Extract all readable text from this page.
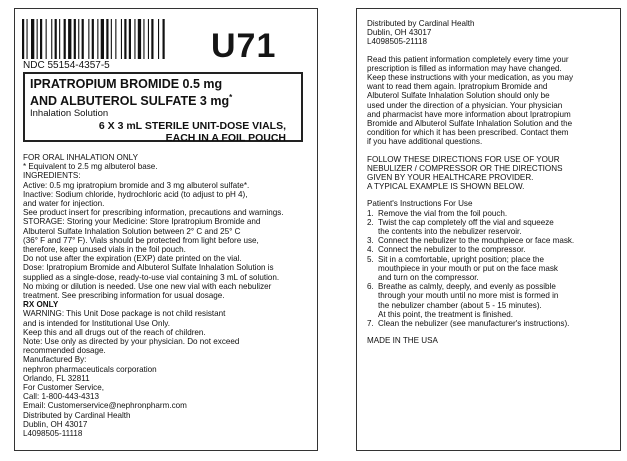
NDC 55154-4357-5
U71
IPRATROPIUM BROMIDE 0.5 mg
AND ALBUTEROL SULFATE 3 mg*
Inhalation Solution
6 X 3 mL STERILE UNIT-DOSE VIALS,
EACH IN A FOIL POUCH
FOR ORAL INHALATION ONLY
* Equivalent to 2.5 mg albuterol base.
INGREDIENTS:
Active: 0.5 mg ipratropium bromide and 3 mg albuterol sulfate*.
Inactive: Sodium chloride, hydrochloric acid (to adjust to pH 4),
and water for injection.
See product insert for prescribing information, precautions and warnings.
STORAGE: Storing your Medicine: Store Ipratropium Bromide and
Albuterol Sulfate Inhalation Solution between 2° C and 25° C
(36° F and 77° F). Vials should be protected from light before use,
therefore, keep unused vials in the foil pouch.
Do not use after the expiration (EXP) date printed on the vial.
Dose: Ipratropium Bromide and Albuterol Sulfate Inhalation Solution is
supplied as a single-dose, ready-to-use vial containing 3 mL of solution.
No mixing or dilution is needed. Use one new vial with each nebulizer
treatment. See prescribing information for usual dosage.
RX ONLY
WARNING: This Unit Dose package is not child resistant
and is intended for Institutional Use Only.
Keep this and all drugs out of the reach of children.
Note: Use only as directed by your physician. Do not exceed
recommended dosage.
Manufactured By:
nephron pharmaceuticals corporation
Orlando, FL 32811
For Customer Service,
Call: 1-800-443-4313
Email: Customerservice@nephronpharm.com
Distributed by Cardinal Health
Dublin, OH 43017
L4098505-11118
Distributed by Cardinal Health
Dublin, OH 43017
L4098505-21118
Read this patient information completely every time your
prescription is filled as information may have changed.
Keep these instructions with your medication, as you may
want to read them again. Ipratropium Bromide and
Albuterol Sulfate Inhalation Solution should only be
used under the direction of a physician. Your physician
and pharmacist have more information about Ipratropium
Bromide and Albuterol Sulfate Inhalation Solution and the
condition for which it has been prescribed. Contact them
if you have additional questions.
FOLLOW THESE DIRECTIONS FOR USE OF YOUR
NEBULIZER / COMPRESSOR OR THE DIRECTIONS
GIVEN BY YOUR HEALTHCARE PROVIDER.
A TYPICAL EXAMPLE IS SHOWN BELOW.
Patient's Instructions For Use
1. Remove the vial from the foil pouch.
2. Twist the cap completely off the vial and squeeze
the contents into the nebulizer reservoir.
3. Connect the nebulizer to the mouthpiece or face mask.
4. Connect the nebulizer to the compressor.
5. Sit in a comfortable, upright position; place the
mouthpiece in your mouth or put on the face mask
and turn on the compressor.
6. Breathe as calmly, deeply, and evenly as possible
through your mouth until no more mist is formed in
the nebulizer chamber (about 5 - 15 minutes).
At this point, the treatment is finished.
7. Clean the nebulizer (see manufacturer's instructions).
MADE IN THE USA
